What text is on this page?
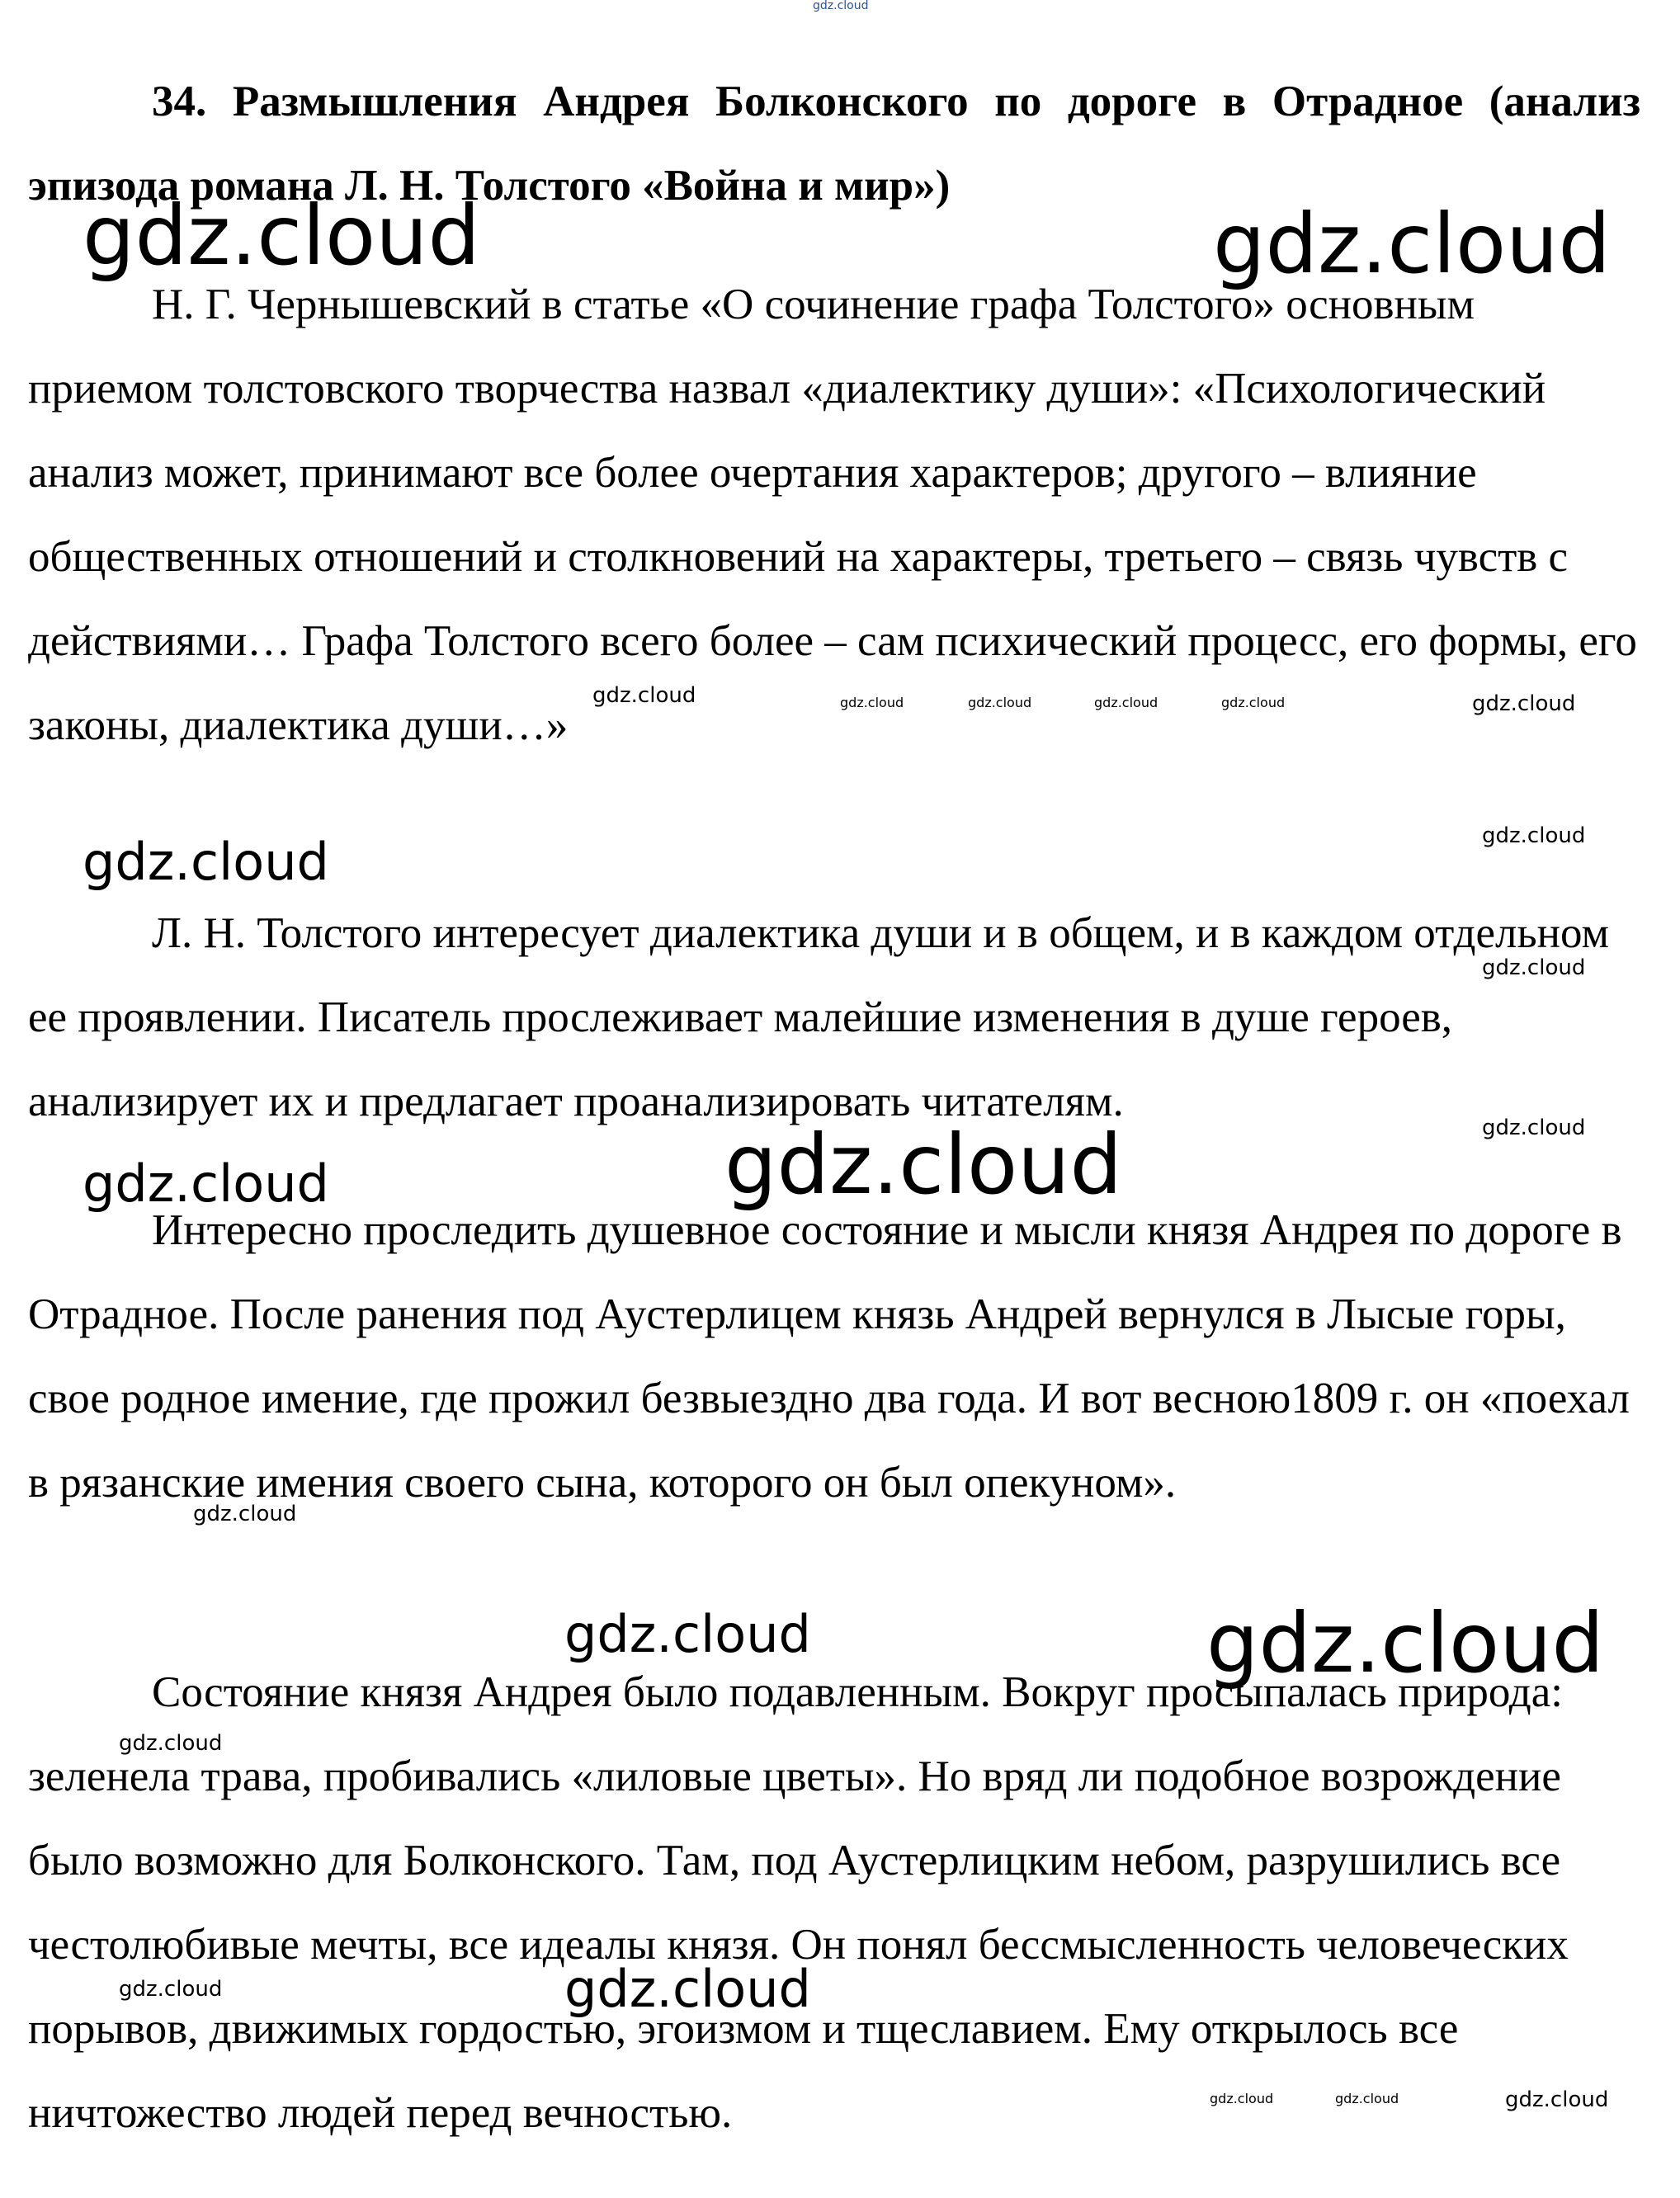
34. Размышления Андрея Болконского по дороге в Отрадное (анализ эпизода романа Л. Н. Толстого «Война и мир»)

Н. Г. Чернышевский в статье «О сочинение графа Толстого» основным приемом толстовского творчества назвал «диалектику души»: «Психологический анализ может, принимают все более очертания характеров; другого – влияние общественных отношений и столкновений на характеры, третьего – связь чувств с действиями… Графа Толстого всего более – сам психический процесс, его формы, его законы, диалектика души…»

Л. Н. Толстого интересует диалектика души и в общем, и в каждом отдельном ее проявлении. Писатель прослеживает малейшие изменения в душе героев, анализирует их и предлагает проанализировать читателям.

Интересно проследить душевное состояние и мысли князя Андрея по дороге в Отрадное. После ранения под Аустерлицем князь Андрей вернулся в Лысые горы, свое родное имение, где прожил безвыездно два года. И вот весною1809 г. он «поехал в рязанские имения своего сына, которого он был опекуном».

Состояние князя Андрея было подавленным. Вокруг просыпалась природа: зеленела трава, пробивались «лиловые цветы». Но вряд ли подобное возрождение было возможно для Болконского. Там, под Аустерлицким небом, разрушились все честолюбивые мечты, все идеалы князя. Он понял бессмысленность человеческих порывов, движимых гордостью, эгоизмом и тщеславием. Ему открылось все ничтожество людей перед вечностью.

gdz.cloud
gdz.cloud	gdz.cloud
gdz.cloud	gdz.cloud	gdz.cloud	gdz.cloud	gdz.cloud	gdz.cloud
gdz.cloud	gdz.cloud
gdz.cloud
gdz.cloud	gdz.cloud
gdz.cloud
gdz.cloud
gdz.cloud	gdz.cloud
gdz.cloud
gdz.cloud
gdz.cloud
gdz.cloud	gdz.cloud	gdz.cloud
